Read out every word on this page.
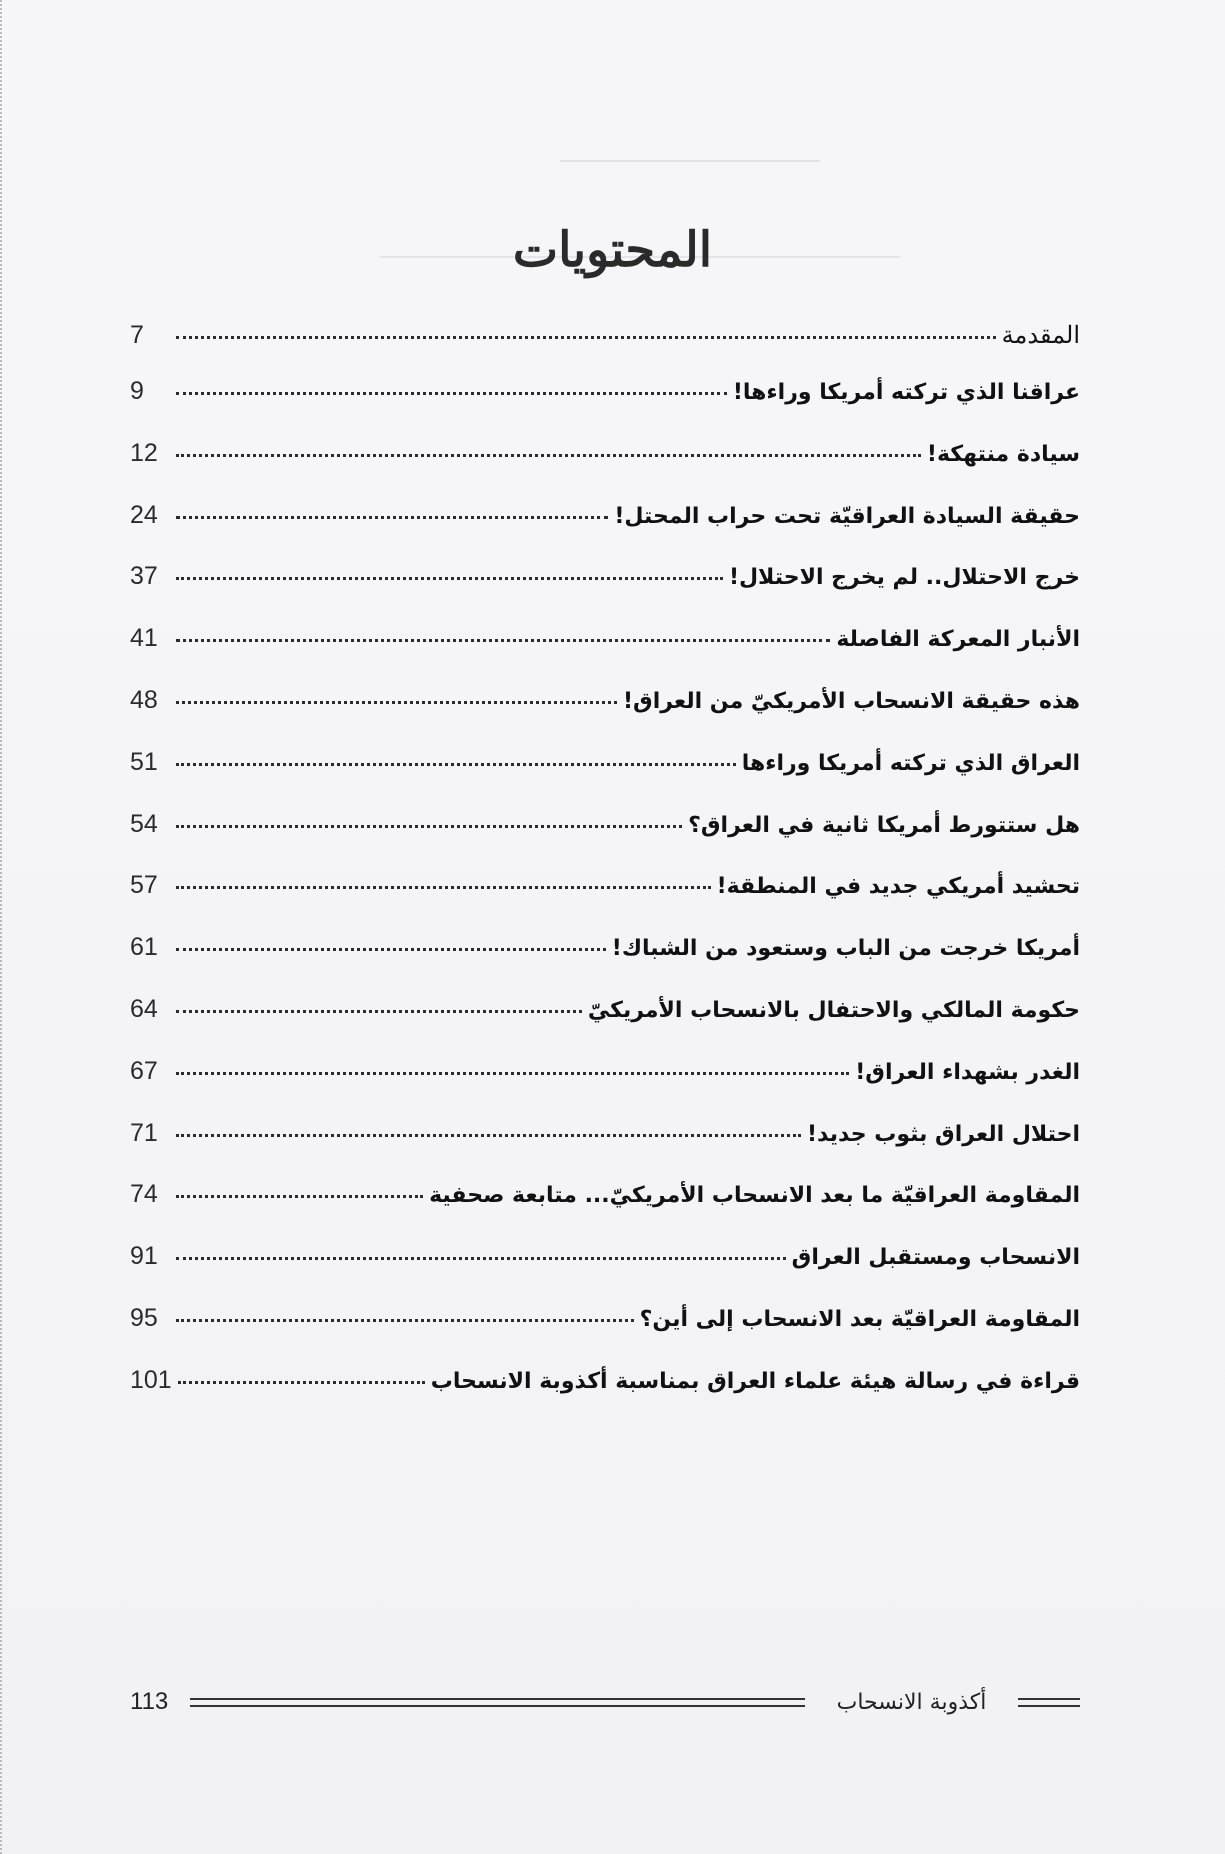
المحتويات
7	المقدمة
9	عراقنا الذي تركته أمريكا وراءها!
12	سيادة منتهكة!
24	حقيقة السيادة العراقيّة تحت حراب المحتل!
37	خرج الاحتلال.. لم يخرج الاحتلال!
41	الأنبار المعركة الفاصلة
48	هذه حقيقة الانسحاب الأمريكيّ من العراق!
51	العراق الذي تركته أمريكا وراءها
54	هل ستتورط أمريكا ثانية في العراق؟
57	تحشيد أمريكي جديد في المنطقة!
61	أمريكا خرجت من الباب وستعود من الشباك!
64	حكومة المالكي والاحتفال بالانسحاب الأمريكيّ
67	الغدر بشهداء العراق!
71	احتلال العراق بثوب جديد!
74	المقاومة العراقيّة ما بعد الانسحاب الأمريكيّ... متابعة صحفية
91	الانسحاب ومستقبل العراق
95	المقاومة العراقيّة بعد الانسحاب إلى أين؟
101	قراءة في رسالة هيئة علماء العراق بمناسبة أكذوبة الانسحاب
113	أكذوبة الانسحاب
